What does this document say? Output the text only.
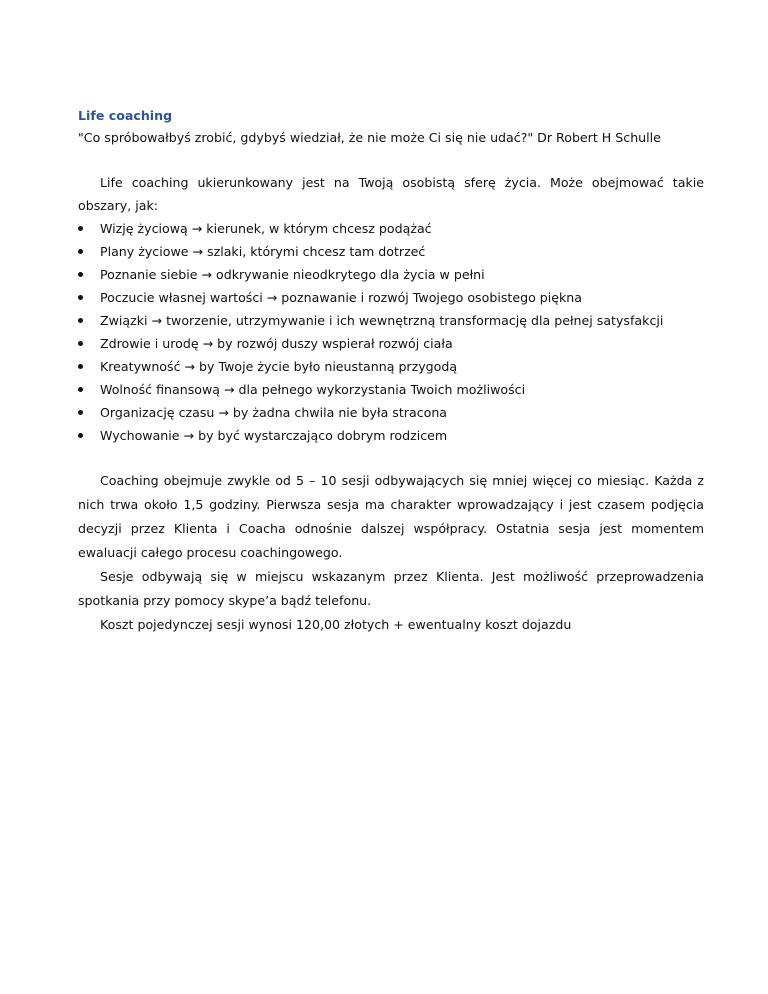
Life coaching

"Co spróbowałbyś zrobić, gdybyś wiedział, że nie może Ci się nie udać?" Dr Robert H Schulle

Life coaching ukierunkowany jest na Twoją osobistą sferę życia. Może obejmować takie obszary, jak:

Wizję życiową → kierunek, w którym chcesz podążać
Plany życiowe → szlaki, którymi chcesz tam dotrzeć
Poznanie siebie → odkrywanie nieodkrytego dla życia w pełni
Poczucie własnej wartości → poznawanie i rozwój Twojego osobistego piękna
Związki → tworzenie, utrzymywanie i ich wewnętrzną transformację dla pełnej satysfakcji
Zdrowie i urodę → by rozwój duszy wspierał rozwój ciała
Kreatywność → by Twoje życie było nieustanną przygodą
Wolność finansową → dla pełnego wykorzystania Twoich możliwości
Organizację czasu → by żadna chwila nie była stracona
Wychowanie → by być wystarczająco dobrym rodzicem

Coaching obejmuje zwykle od 5 – 10 sesji odbywających się mniej więcej co miesiąc. Każda z nich trwa około 1,5 godziny. Pierwsza sesja ma charakter wprowadzający i jest czasem podjęcia decyzji przez Klienta i Coacha odnośnie dalszej współpracy. Ostatnia sesja jest momentem ewaluacji całego procesu coachingowego.

Sesje odbywają się w miejscu wskazanym przez Klienta. Jest możliwość przeprowadzenia spotkania przy pomocy skype’a bądź telefonu.

Koszt pojedynczej sesji wynosi 120,00 złotych + ewentualny koszt dojazdu
